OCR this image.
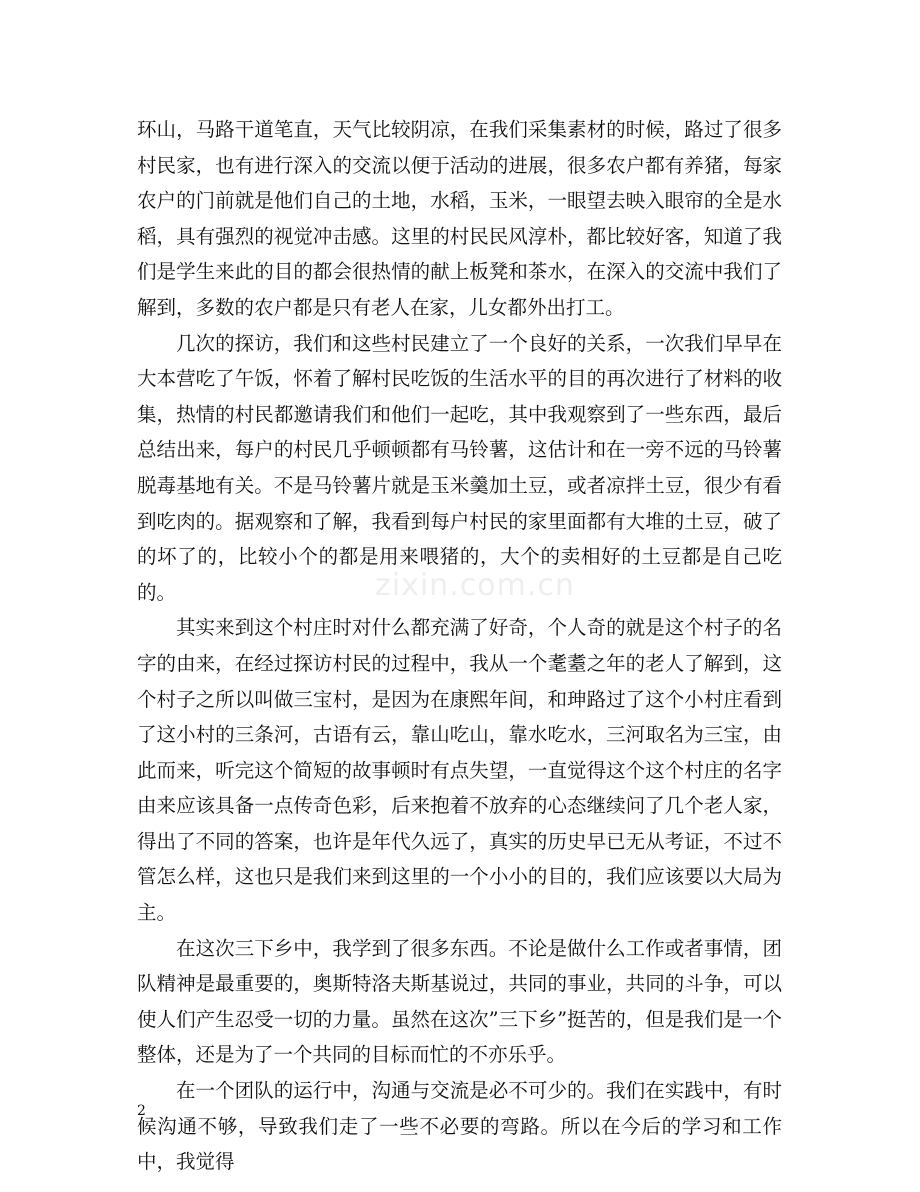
环山，马路干道笔直，天气比较阴凉，在我们采集素材的时候，路过了很多村民家，也有进行深入的交流以便于活动的进展，很多农户都有养猪，每家农户的门前就是他们自己的土地，水稻，玉米，一眼望去映入眼帘的全是水稻，具有强烈的视觉冲击感。这里的村民民风淳朴，都比较好客，知道了我们是学生来此的目的都会很热情的献上板凳和茶水，在深入的交流中我们了解到，多数的农户都是只有老人在家，儿女都外出打工。

几次的探访，我们和这些村民建立了一个良好的关系，一次我们早早在大本营吃了午饭，怀着了解村民吃饭的生活水平的目的再次进行了材料的收集，热情的村民都邀请我们和他们一起吃，其中我观察到了一些东西，最后总结出来，每户的村民几乎顿顿都有马铃薯，这估计和在一旁不远的马铃薯脱毒基地有关。不是马铃薯片就是玉米羹加土豆，或者凉拌土豆，很少有看到吃肉的。据观察和了解，我看到每户村民的家里面都有大堆的土豆，破了的坏了的，比较小个的都是用来喂猪的，大个的卖相好的土豆都是自己吃的。

其实来到这个村庄时对什么都充满了好奇，个人奇的就是这个村子的名字的由来，在经过探访村民的过程中，我从一个耄耋之年的老人了解到，这个村子之所以叫做三宝村，是因为在康熙年间，和珅路过了这个小村庄看到了这小村的三条河，古语有云，靠山吃山，靠水吃水，三河取名为三宝，由此而来，听完这个简短的故事顿时有点失望，一直觉得这个这个村庄的名字由来应该具备一点传奇色彩，后来抱着不放弃的心态继续问了几个老人家，得出了不同的答案，也许是年代久远了，真实的历史早已无从考证，不过不管怎么样，这也只是我们来到这里的一个小小的目的，我们应该要以大局为主。

在这次三下乡中，我学到了很多东西。不论是做什么工作或者事情，团队精神是最重要的，奥斯特洛夫斯基说过，共同的事业，共同的斗争，可以使人们产生忍受一切的力量。虽然在这次”三下乡”挺苦的，但是我们是一个整体，还是为了一个共同的目标而忙的不亦乐乎。

在一个团队的运行中，沟通与交流是必不可少的。我们在实践中，有时候沟通不够，导致我们走了一些不必要的弯路。所以在今后的学习和工作中，我觉得

zixin.com.cn
2
